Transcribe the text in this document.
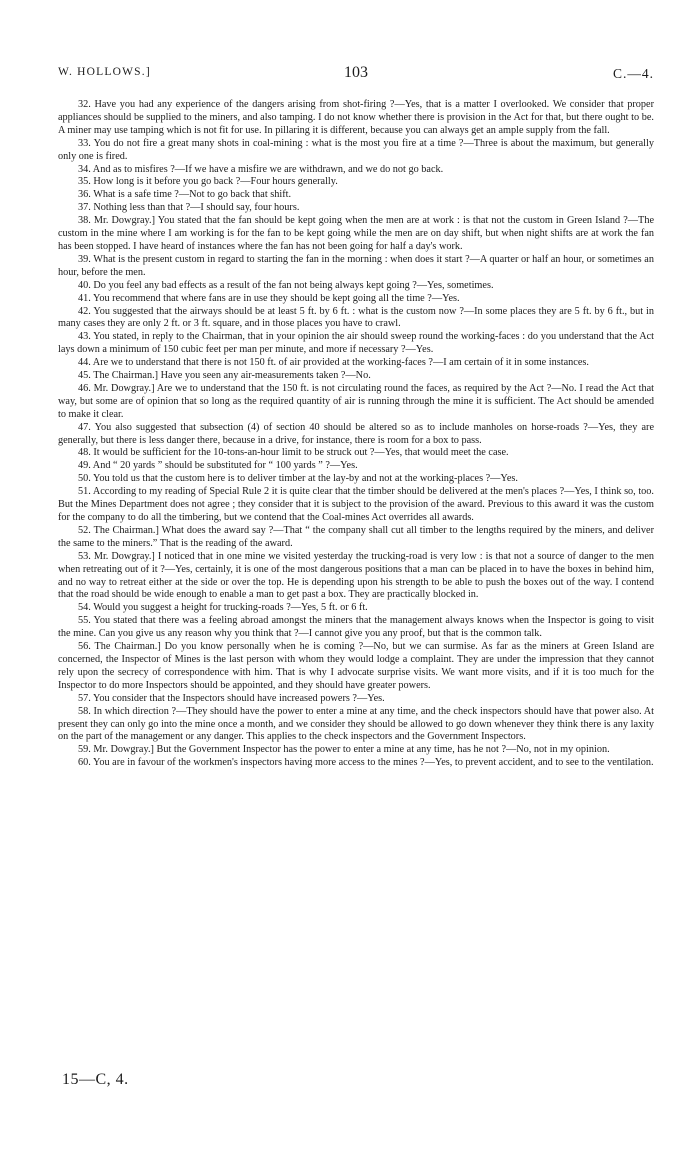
W. HOLLOWS.]	103	C.—4.

32. Have you had any experience of the dangers arising from shot-firing ?—Yes, that is a matter I overlooked. We consider that proper appliances should be supplied to the miners, and also tamping. I do not know whether there is provision in the Act for that, but there ought to be. A miner may use tamping which is not fit for use. In pillaring it is different, because you can always get an ample supply from the fall.

33. You do not fire a great many shots in coal-mining : what is the most you fire at a time ?—Three is about the maximum, but generally only one is fired.

34. And as to misfires ?—If we have a misfire we are withdrawn, and we do not go back.

35. How long is it before you go back ?—Four hours generally.

36. What is a safe time ?—Not to go back that shift.

37. Nothing less than that ?—I should say, four hours.

38. Mr. Dowgray.] You stated that the fan should be kept going when the men are at work : is that not the custom in Green Island ?—The custom in the mine where I am working is for the fan to be kept going while the men are on day shift, but when night shifts are at work the fan has been stopped. I have heard of instances where the fan has not been going for half a day's work.

39. What is the present custom in regard to starting the fan in the morning : when does it start ?—A quarter or half an hour, or sometimes an hour, before the men.

40. Do you feel any bad effects as a result of the fan not being always kept going ?—Yes, sometimes.

41. You recommend that where fans are in use they should be kept going all the time ?—Yes.

42. You suggested that the airways should be at least 5 ft. by 6 ft. : what is the custom now ?—In some places they are 5 ft. by 6 ft., but in many cases they are only 2 ft. or 3 ft. square, and in those places you have to crawl.

43. You stated, in reply to the Chairman, that in your opinion the air should sweep round the working-faces : do you understand that the Act lays down a minimum of 150 cubic feet per man per minute, and more if necessary ?—Yes.

44. Are we to understand that there is not 150 ft. of air provided at the working-faces ?—I am certain of it in some instances.

45. The Chairman.] Have you seen any air-measurements taken ?—No.

46. Mr. Dowgray.] Are we to understand that the 150 ft. is not circulating round the faces, as required by the Act ?—No. I read the Act that way, but some are of opinion that so long as the required quantity of air is running through the mine it is sufficient. The Act should be amended to make it clear.

47. You also suggested that subsection (4) of section 40 should be altered so as to include manholes on horse-roads ?—Yes, they are generally, but there is less danger there, because in a drive, for instance, there is room for a box to pass.

48. It would be sufficient for the 10-tons-an-hour limit to be struck out ?—Yes, that would meet the case.

49. And “ 20 yards ” should be substituted for “ 100 yards ” ?—Yes.

50. You told us that the custom here is to deliver timber at the lay-by and not at the working-places ?—Yes.

51. According to my reading of Special Rule 2 it is quite clear that the timber should be delivered at the men's places ?—Yes, I think so, too. But the Mines Department does not agree ; they consider that it is subject to the provision of the award. Previous to this award it was the custom for the company to do all the timbering, but we contend that the Coal-mines Act overrides all awards.

52. The Chairman.] What does the award say ?—That “ the company shall cut all timber to the lengths required by the miners, and deliver the same to the miners.” That is the reading of the award.

53. Mr. Dowgray.] I noticed that in one mine we visited yesterday the trucking-road is very low : is that not a source of danger to the men when retreating out of it ?—Yes, certainly, it is one of the most dangerous positions that a man can be placed in to have the boxes in behind him, and no way to retreat either at the side or over the top. He is depending upon his strength to be able to push the boxes out of the way. I contend that the road should be wide enough to enable a man to get past a box. They are practically blocked in.

54. Would you suggest a height for trucking-roads ?—Yes, 5 ft. or 6 ft.

55. You stated that there was a feeling abroad amongst the miners that the management always knows when the Inspector is going to visit the mine. Can you give us any reason why you think that ?—I cannot give you any proof, but that is the common talk.

56. The Chairman.] Do you know personally when he is coming ?—No, but we can surmise. As far as the miners at Green Island are concerned, the Inspector of Mines is the last person with whom they would lodge a complaint. They are under the impression that they cannot rely upon the secrecy of correspondence with him. That is why I advocate surprise visits. We want more visits, and if it is too much for the Inspector to do more Inspectors should be appointed, and they should have greater powers.

57. You consider that the Inspectors should have increased powers ?—Yes.

58. In which direction ?—They should have the power to enter a mine at any time, and the check inspectors should have that power also. At present they can only go into the mine once a month, and we consider they should be allowed to go down whenever they think there is any laxity on the part of the management or any danger. This applies to the check inspectors and the Government Inspectors.

59. Mr. Dowgray.] But the Government Inspector has the power to enter a mine at any time, has he not ?—No, not in my opinion.

60. You are in favour of the workmen's inspectors having more access to the mines ?—Yes, to prevent accident, and to see to the ventilation.

15—C, 4.
